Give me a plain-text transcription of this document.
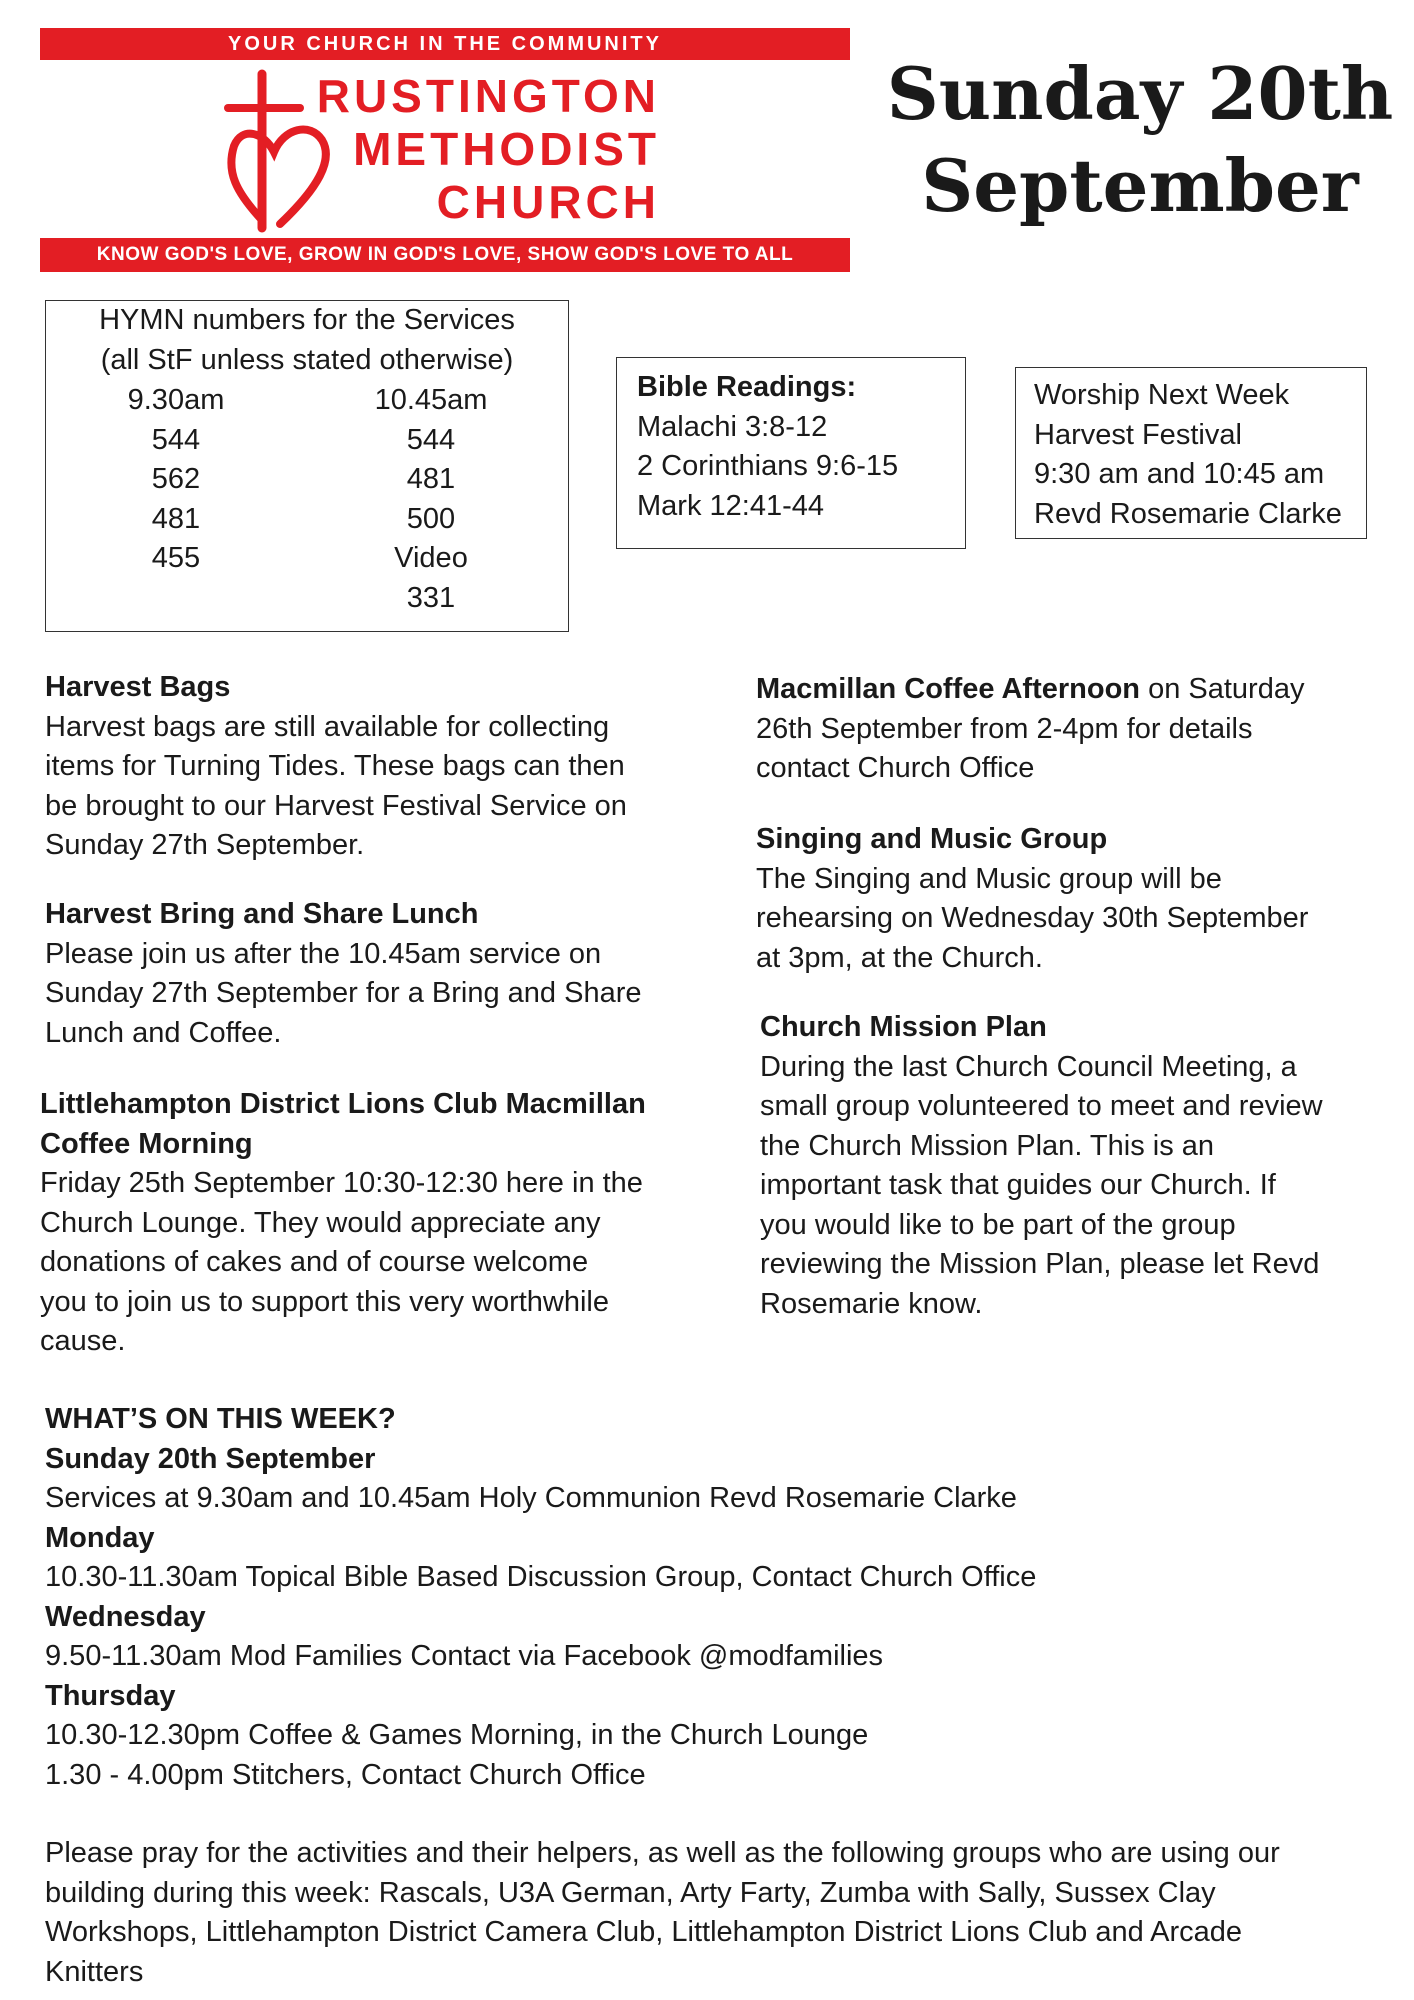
YOUR CHURCH IN THE COMMUNITY
RUSTINGTON
METHODIST
CHURCH
KNOW GOD'S LOVE, GROW IN GOD'S LOVE, SHOW GOD'S LOVE TO ALL
Sunday 20th
September
HYMN numbers for the Services
(all StF unless stated otherwise)
9.30am
544
562
481
455
10.45am
544
481
500
Video
331
Bible Readings:
Malachi 3:8-12
2 Corinthians 9:6-15
Mark 12:41-44
Worship Next Week
Harvest Festival
9:30 am and 10:45 am
Revd Rosemarie Clarke

Harvest Bags

Harvest bags are still available for collecting

items for Turning Tides. These bags can then

be brought to our Harvest Festival Service on

Sunday 27th September.

Harvest Bring and Share Lunch

Please join us after the 10.45am service on

Sunday 27th September for a Bring and Share

Lunch and Coffee.

Littlehampton District Lions Club Macmillan

Coffee Morning

Friday 25th September 10:30-12:30 here in the

Church Lounge. They would appreciate any

donations of cakes and of course welcome

you to join us to support this very worthwhile

cause.

Macmillan Coffee Afternoon on Saturday

26th September from 2-4pm for details

contact Church Office

Singing and Music Group

The Singing and Music group will be

rehearsing on Wednesday 30th September

at 3pm, at the Church.

Church Mission Plan

During the last Church Council Meeting, a

small group volunteered to meet and review

the Church Mission Plan. This is an

important task that guides our Church. If

you would like to be part of the group

reviewing the Mission Plan, please let Revd

Rosemarie know.

WHAT’S ON THIS WEEK?

Sunday 20th September

Services at 9.30am and 10.45am Holy Communion Revd Rosemarie Clarke

Monday

10.30-11.30am Topical Bible Based Discussion Group, Contact Church Office

Wednesday

9.50-11.30am Mod Families Contact via Facebook @modfamilies

Thursday

10.30-12.30pm Coffee & Games Morning, in the Church Lounge

1.30 - 4.00pm Stitchers, Contact Church Office

Please pray for the activities and their helpers, as well as the following groups who are using our

building during this week: Rascals, U3A German, Arty Farty, Zumba with Sally, Sussex Clay

Workshops, Littlehampton District Camera Club, Littlehampton District Lions Club and Arcade

Knitters
